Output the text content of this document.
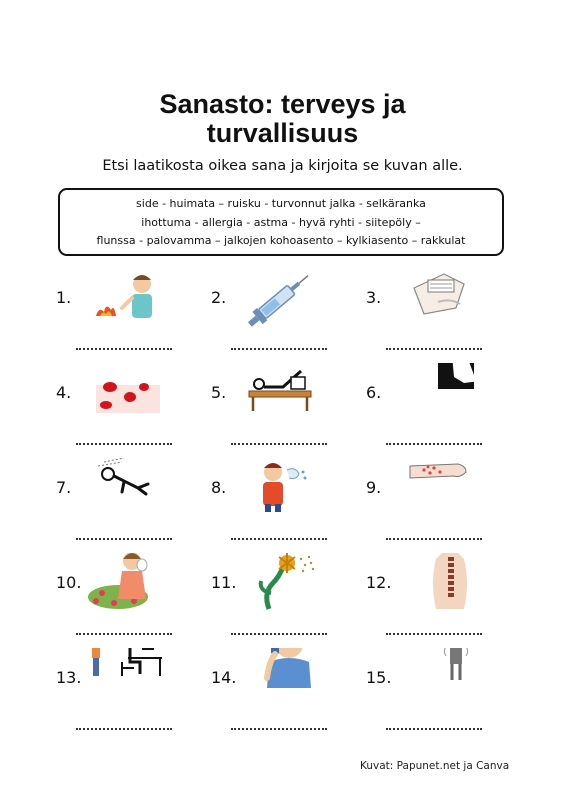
Sanasto: terveys ja
turvallisuus
Etsi laatikosta oikea sana ja kirjoita se kuvan alle.
side - huimata – ruisku - turvonnut jalka - selkäranka
ihottuma - allergia - astma - hyvä ryhti - siitepöly –
flunssa - palovamma – jalkojen kohoasento – kylkiasento – rakkulat
1.	2.	3.
4.	5.	6.
7.	8.	9.
10.	11.	12.
13.	14.	15.
Kuvat: Papunet.net ja Canva
